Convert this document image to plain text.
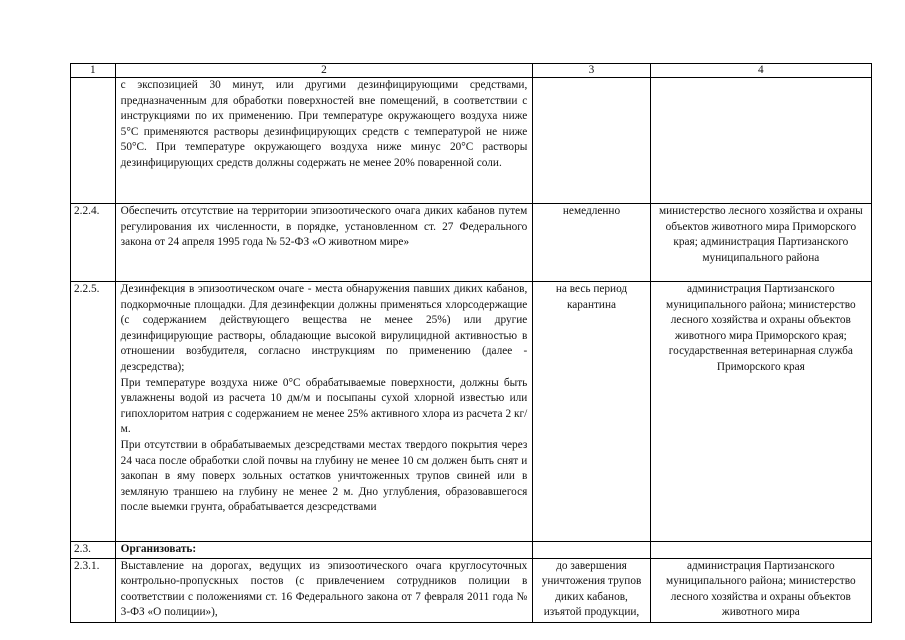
1	2	3	4
	с экспозицией 30 минут, или другими дезинфицирующими средствами, предназначенным для обработки поверхностей вне помещений, в соответствии с инструкциями по их применению. При температуре окружающего воздуха ниже 5°С применяются растворы дезинфицирующих средств с температурой не ниже 50°С. При температуре окружающего воздуха ниже минус 20°С растворы дезинфицирующих средств должны содержать не менее 20% поваренной соли.		
2.2.4.	Обеспечить отсутствие на территории эпизоотического очага диких кабанов путем регулирования их численности, в порядке, установленном ст. 27 Федерального закона от 24 апреля 1995 года № 52-ФЗ «О животном мире»	немедленно	министерство лесного хозяйства и охраны объектов животного мира Приморского края; администрация Партизанского муниципального района
2.2.5.	Дезинфекция в эпизоотическом очаге - места обнаружения павших диких кабанов, подкормочные площадки. Для дезинфекции должны применяться хлорсодержащие (с содержанием действующего вещества не менее 25%) или другие дезинфицирующие растворы, обладающие высокой вирулицидной активностью в отношении возбудителя, согласно инструкциям по применению (далее - дезсредства);
При температуре воздуха ниже 0°С обрабатываемые поверхности, должны быть увлажнены водой из расчета 10 дм/м и посыпаны сухой хлорной известью или гипохлоритом натрия с содержанием не менее 25% активного хлора из расчета 2 кг/м.
При отсутствии в обрабатываемых дезсредствами местах твердого покрытия через 24 часа после обработки слой почвы на глубину не менее 10 см должен быть снят и закопан в яму поверх зольных остатков уничтоженных трупов свиней или в земляную траншею на глубину не менее 2 м. Дно углубления, образовавшегося после выемки грунта, обрабатывается дезсредствами	на весь период карантина	администрация Партизанского муниципального района; министерство лесного хозяйства и охраны объектов животного мира Приморского края; государственная ветеринарная служба Приморского края
2.3.	Организовать:		
2.3.1.	Выставление на дорогах, ведущих из эпизоотического очага круглосуточных контрольно-пропускных постов (с привлечением сотрудников полиции в соответствии с положениями ст. 16 Федерального закона от 7 февраля 2011 года № 3-ФЗ «О полиции»),	до завершения уничтожения трупов диких кабанов, изъятой продукции,	администрация Партизанского муниципального района; министерство лесного хозяйства и охраны объектов животного мира
